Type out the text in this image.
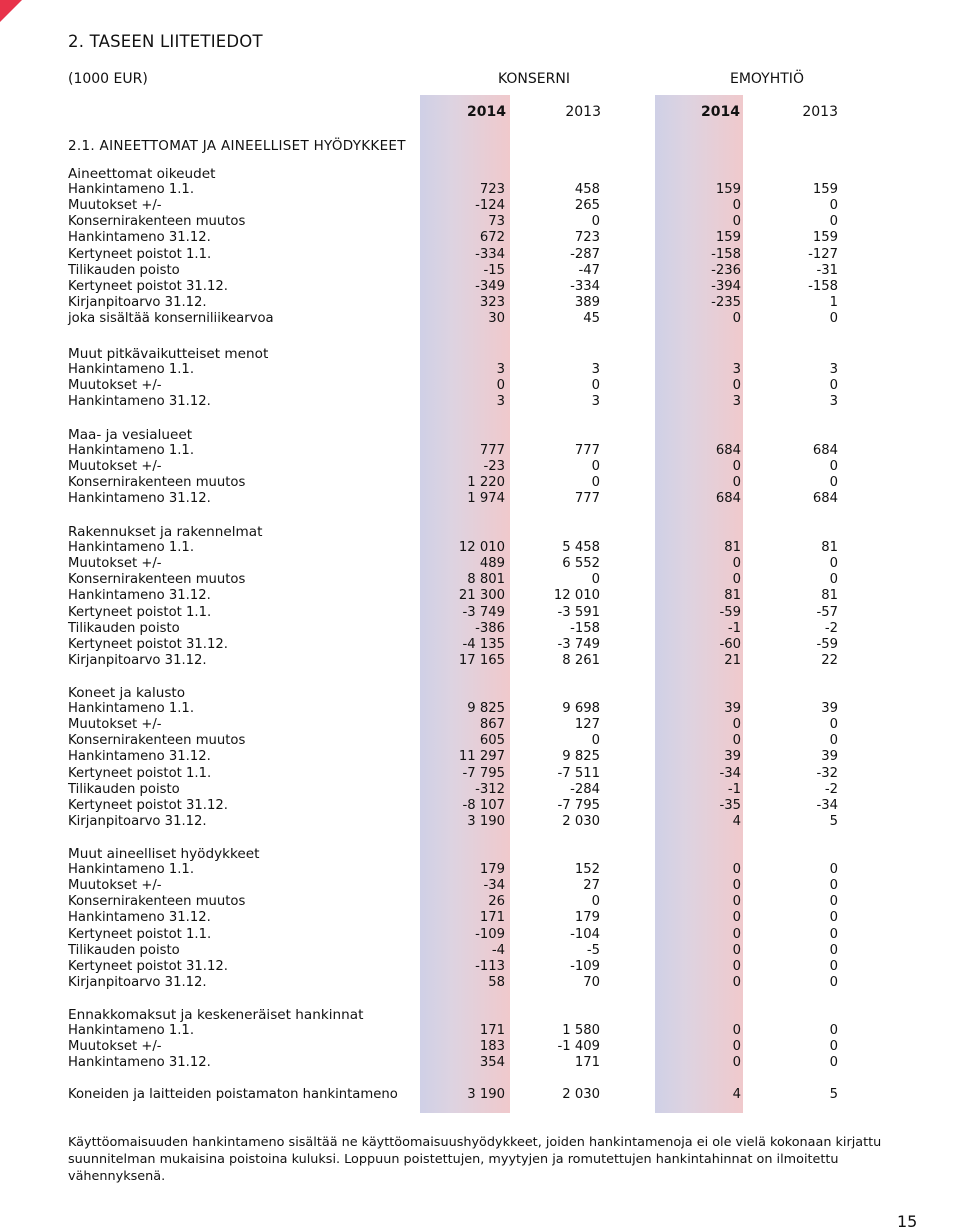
2. TASEEN LIITETIEDOT
(1000 EUR)	KONSERNI	EMOYHTIÖ
2014	2013	2014	2013
2.1. AINEETTOMAT JA AINEELLISET HYÖDYKKEET
Aineettomat oikeudet
Hankintameno 1.1.	723	458	159	159
Muutokset +/-	-124	265	0	0
Konsernirakenteen muutos	73	0	0	0
Hankintameno 31.12.	672	723	159	159
Kertyneet poistot 1.1.	-334	-287	-158	-127
Tilikauden poisto	-15	-47	-236	-31
Kertyneet poistot 31.12.	-349	-334	-394	-158
Kirjanpitoarvo 31.12.	323	389	-235	1
joka sisältää konserniliikearvoa	30	45	0	0
Muut pitkävaikutteiset menot
Hankintameno 1.1.	3	3	3	3
Muutokset +/-	0	0	0	0
Hankintameno 31.12.	3	3	3	3
Maa- ja vesialueet
Hankintameno 1.1.	777	777	684	684
Muutokset +/-	-23	0	0	0
Konsernirakenteen muutos	1 220	0	0	0
Hankintameno 31.12.	1 974	777	684	684
Rakennukset ja rakennelmat
Hankintameno 1.1.	12 010	5 458	81	81
Muutokset +/-	489	6 552	0	0
Konsernirakenteen muutos	8 801	0	0	0
Hankintameno 31.12.	21 300	12 010	81	81
Kertyneet poistot 1.1.	-3 749	-3 591	-59	-57
Tilikauden poisto	-386	-158	-1	-2
Kertyneet poistot 31.12.	-4 135	-3 749	-60	-59
Kirjanpitoarvo 31.12.	17 165	8 261	21	22
Koneet ja kalusto
Hankintameno 1.1.	9 825	9 698	39	39
Muutokset +/-	867	127	0	0
Konsernirakenteen muutos	605	0	0	0
Hankintameno 31.12.	11 297	9 825	39	39
Kertyneet poistot 1.1.	-7 795	-7 511	-34	-32
Tilikauden poisto	-312	-284	-1	-2
Kertyneet poistot 31.12.	-8 107	-7 795	-35	-34
Kirjanpitoarvo 31.12.	3 190	2 030	4	5
Muut aineelliset hyödykkeet
Hankintameno 1.1.	179	152	0	0
Muutokset +/-	-34	27	0	0
Konsernirakenteen muutos	26	0	0	0
Hankintameno 31.12.	171	179	0	0
Kertyneet poistot 1.1.	-109	-104	0	0
Tilikauden poisto	-4	-5	0	0
Kertyneet poistot 31.12.	-113	-109	0	0
Kirjanpitoarvo 31.12.	58	70	0	0
Ennakkomaksut ja keskeneräiset hankinnat
Hankintameno 1.1.	171	1 580	0	0
Muutokset +/-	183	-1 409	0	0
Hankintameno 31.12.	354	171	0	0
Koneiden ja laitteiden poistamaton hankintameno	3 190	2 030	4	5
Käyttöomaisuuden hankintameno sisältää ne käyttöomaisuushyödykkeet, joiden hankintamenoja ei ole vielä kokonaan kirjattu suunnitelman mukaisina poistoina kuluksi. Loppuun poistettujen, myytyjen ja romutettujen hankintahinnat on ilmoitettu vähennyksenä.
15
